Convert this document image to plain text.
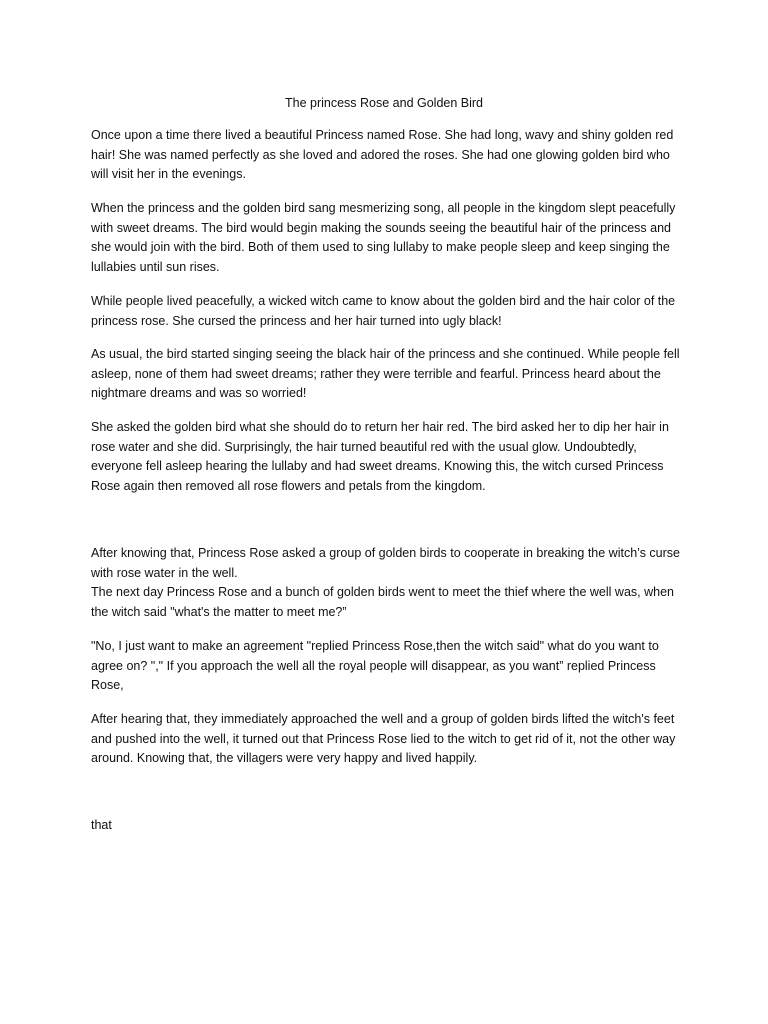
The princess Rose and Golden Bird

Once upon a time there lived a beautiful Princess named Rose. She had long, wavy and shiny golden red hair! She was named perfectly as she loved and adored the roses. She had one glowing golden bird who will visit her in the evenings.

When the princess and the golden bird sang mesmerizing song, all people in the kingdom slept peacefully with sweet dreams. The bird would begin making the sounds seeing the beautiful hair of the princess and she would join with the bird. Both of them used to sing lullaby to make people sleep and keep singing the lullabies until sun rises.

While people lived peacefully, a wicked witch came to know about the golden bird and the hair color of the princess rose. She cursed the princess and her hair turned into ugly black!

As usual, the bird started singing seeing the black hair of the princess and she continued. While people fell asleep, none of them had sweet dreams; rather they were terrible and fearful. Princess heard about the nightmare dreams and was so worried!

She asked the golden bird what she should do to return her hair red. The bird asked her to dip her hair in rose water and she did. Surprisingly, the hair turned beautiful red with the usual glow. Undoubtedly, everyone fell asleep hearing the lullaby and had sweet dreams. Knowing this, the witch cursed Princess Rose again then removed all rose flowers and petals from the kingdom.

After knowing that, Princess Rose asked a group of golden birds to cooperate in breaking the witch’s curse with rose water in the well.

The next day Princess Rose and a bunch of golden birds went to meet the thief where the well was, when the witch said "what's the matter to meet me?”

"No, I just want to make an agreement "replied Princess Rose,then the witch said" what do you want to agree on? "," If you approach the well all the royal people will disappear, as you want” replied Princess Rose,

After hearing that, they immediately approached the well and a group of golden birds lifted the witch's feet and pushed into the well, it turned out that Princess Rose lied to the witch to get rid of it, not the other way around. Knowing that, the villagers were very happy and lived happily.

that
